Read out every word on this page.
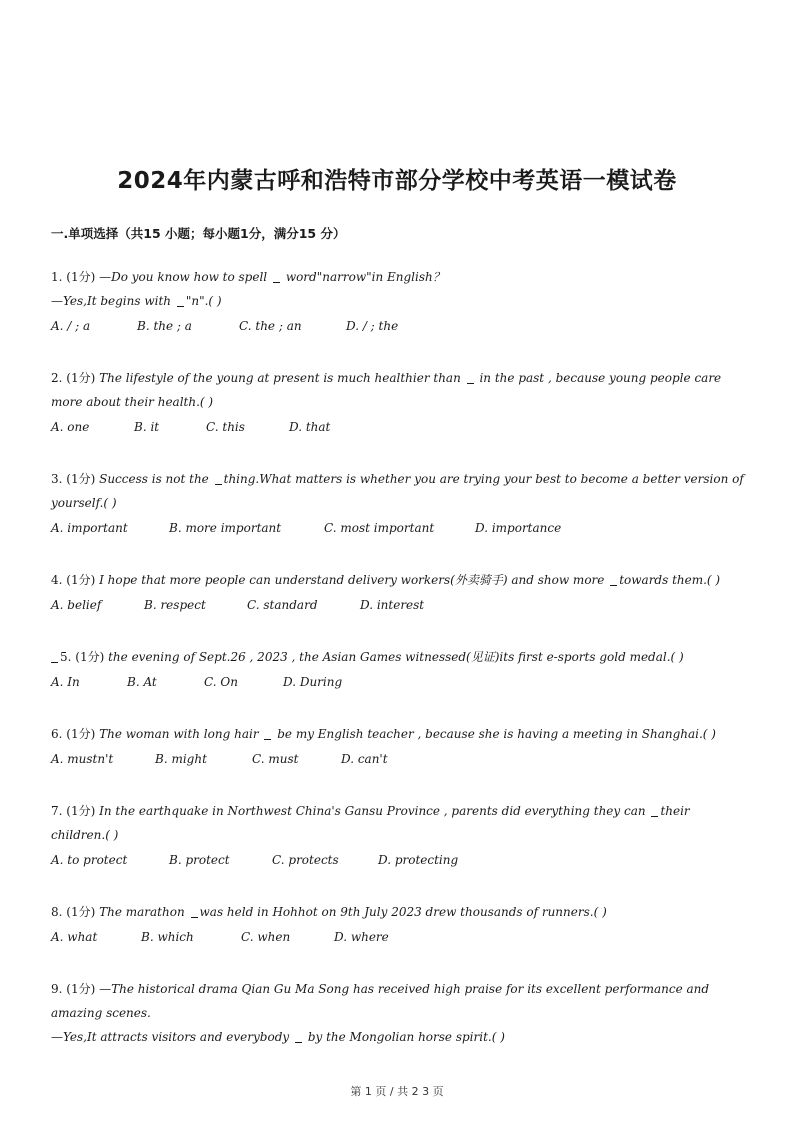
2024年内蒙古呼和浩特市部分学校中考英语一模试卷
一.单项选择（共15 小题；每小题1分，满分15 分）
1. (1分) —Do you know how to spell word"narrow"in English？
—Yes,It begins with "n".( )
A. / ; a	B. the ; a	C. the ; an	D. / ; the
2. (1分) The lifestyle of the young at present is much healthier than in the past , because young people care
more about their health.( )
A. one	B. it	C. this	D. that
3. (1分) Success is not the thing.What matters is whether you are trying your best to become a better version of
yourself.( )
A. important	B. more important	C. most important	D. importance
4. (1分) I hope that more people can understand delivery workers(外卖骑手) and show more towards them.( )
A. belief	B. respect	C. standard	D. interest
5. (1分) the evening of Sept.26 , 2023 , the Asian Games witnessed(见证)its first e-sports gold medal.( )
A. In	B. At	C. On	D. During
6. (1分) The woman with long hair be my English teacher , because she is having a meeting in Shanghai.( )
A. mustn't	B. might	C. must	D. can't
7. (1分) In the earthquake in Northwest China's Gansu Province , parents did everything they can their
children.( )
A. to protect	B. protect	C. protects	D. protecting
8. (1分) The marathon was held in Hohhot on 9th July 2023 drew thousands of runners.( )
A. what	B. which	C. when	D. where
9. (1分) —The historical drama Qian Gu Ma Song has received high praise for its excellent performance and
amazing scenes.
—Yes,It attracts visitors and everybody by the Mongolian horse spirit.( )
第 1 页 / 共 2 3 页
